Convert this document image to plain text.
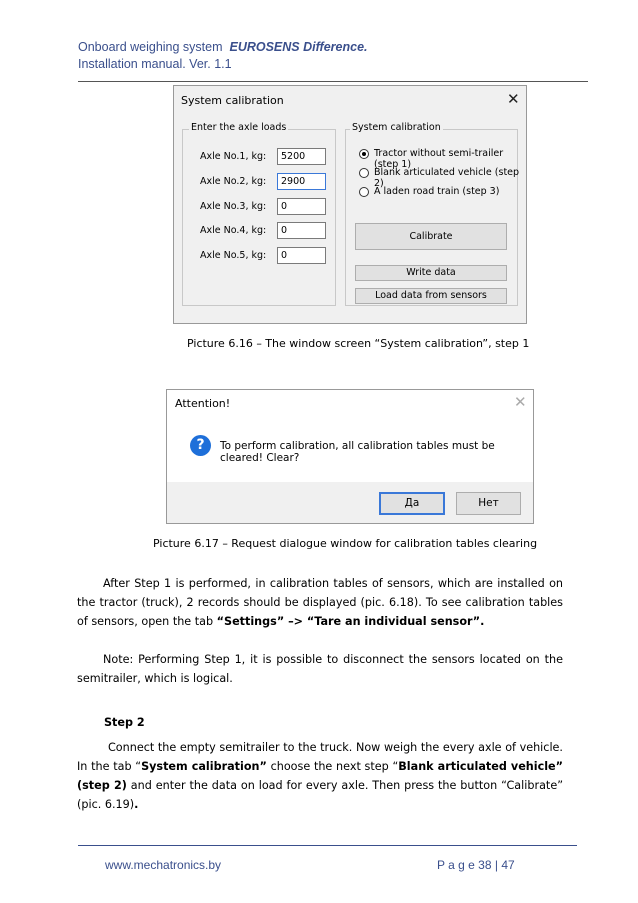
Onboard weighing system EUROSENS Difference.
Installation manual. Ver. 1.1
System calibration	✕
Enter the axle loads
Axle No.1, kg:	5200
Axle No.2, kg:	2900
Axle No.3, kg:	0
Axle No.4, kg:	0
Axle No.5, kg:	0
System calibration
Tractor without semi-trailer (step 1)
Blank articulated vehicle (step 2)
A laden road train (step 3)
Calibrate
Write data
Load data from sensors
Picture 6.16 – The window screen “System calibration”, step 1
Attention!	✕
?	To perform calibration, all calibration tables must be cleared! Clear?
Да	Нет
Picture 6.17 – Request dialogue window for calibration tables clearing
After Step 1 is performed, in calibration tables of sensors, which are installed on the tractor (truck), 2 records should be displayed (pic. 6.18). To see calibration tables of sensors, open the tab “Settings” –> “Tare an individual sensor”.
Note: Performing Step 1, it is possible to disconnect the sensors located on the semitrailer, which is logical.
Step 2
Connect the empty semitrailer to the truck. Now weigh the every axle of vehicle. In the tab “System calibration” choose the next step “Blank articulated vehicle” (step 2) and enter the data on load for every axle. Then press the button “Calibrate” (pic. 6.19).
www.mechatronics.by	P a g e 38 | 47
